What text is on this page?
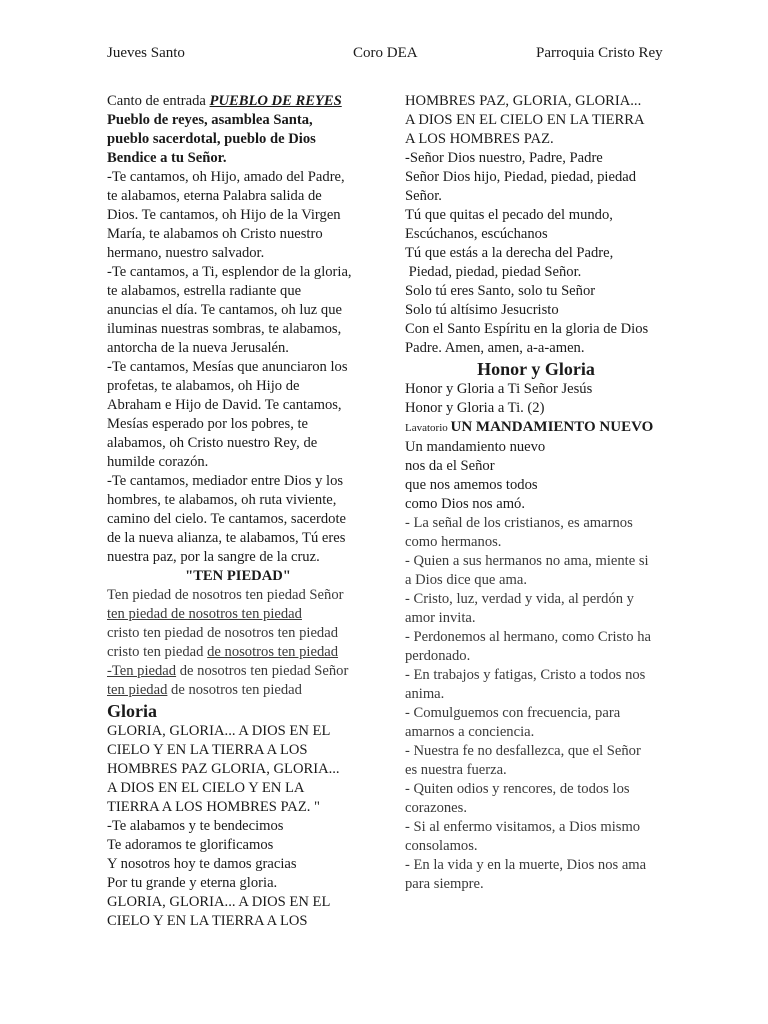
Jueves Santo	Coro DEA	Parroquia Cristo Rey
Canto de entrada PUEBLO DE REYES
Pueblo de reyes, asamblea Santa,
pueblo sacerdotal, pueblo de Dios
Bendice a tu Señor.
-Te cantamos, oh Hijo, amado del Padre,
te alabamos, eterna Palabra salida de
Dios. Te cantamos, oh Hijo de la Virgen
María, te alabamos oh Cristo nuestro
hermano, nuestro salvador.
-Te cantamos, a Ti, esplendor de la gloria,
te alabamos, estrella radiante que
anuncias el día. Te cantamos, oh luz que
iluminas nuestras sombras, te alabamos,
antorcha de la nueva Jerusalén.
-Te cantamos, Mesías que anunciaron los
profetas, te alabamos, oh Hijo de
Abraham e Hijo de David. Te cantamos,
Mesías esperado por los pobres, te
alabamos, oh Cristo nuestro Rey, de
humilde corazón.
-Te cantamos, mediador entre Dios y los
hombres, te alabamos, oh ruta viviente,
camino del cielo. Te cantamos, sacerdote
de la nueva alianza, te alabamos, Tú eres
nuestra paz, por la sangre de la cruz.
"TEN PIEDAD"
Ten piedad de nosotros ten piedad Señor
ten piedad de nosotros ten piedad
cristo ten piedad de nosotros ten piedad
cristo ten piedad de nosotros ten piedad
-Ten piedad de nosotros ten piedad Señor
ten piedad de nosotros ten piedad
Gloria
GLORIA, GLORIA... A DIOS EN EL
CIELO Y EN LA TIERRA A LOS
HOMBRES PAZ GLORIA, GLORIA...
A DIOS EN EL CIELO Y EN LA
TIERRA A LOS HOMBRES PAZ. "
-Te alabamos y te bendecimos
Te adoramos te glorificamos
Y nosotros hoy te damos gracias
Por tu grande y eterna gloria.
GLORIA, GLORIA... A DIOS EN EL
CIELO Y EN LA TIERRA A LOS
HOMBRES PAZ, GLORIA, GLORIA...
A DIOS EN EL CIELO EN LA TIERRA
A LOS HOMBRES PAZ.
-Señor Dios nuestro, Padre, Padre
Señor Dios hijo, Piedad, piedad, piedad
Señor.
Tú que quitas el pecado del mundo,
Escúchanos, escúchanos
Tú que estás a la derecha del Padre,
Piedad, piedad, piedad Señor.
Solo tú eres Santo, solo tu Señor
Solo tú altísimo Jesucristo
Con el Santo Espíritu en la gloria de Dios
Padre. Amen, amen, a-a-amen.
Honor y Gloria
Honor y Gloria a Ti Señor Jesús
Honor y Gloria a Ti. (2)
Lavatorio UN MANDAMIENTO NUEVO
Un mandamiento nuevo
nos da el Señor
que nos amemos todos
como Dios nos amó.
- La señal de los cristianos, es amarnos
como hermanos.
- Quien a sus hermanos no ama, miente si
a Dios dice que ama.
- Cristo, luz, verdad y vida, al perdón y
amor invita.
- Perdonemos al hermano, como Cristo ha
perdonado.
- En trabajos y fatigas, Cristo a todos nos
anima.
- Comulguemos con frecuencia, para
amarnos a conciencia.
- Nuestra fe no desfallezca, que el Señor
es nuestra fuerza.
- Quiten odios y rencores, de todos los
corazones.
- Si al enfermo visitamos, a Dios mismo
consolamos.
- En la vida y en la muerte, Dios nos ama
para siempre.
